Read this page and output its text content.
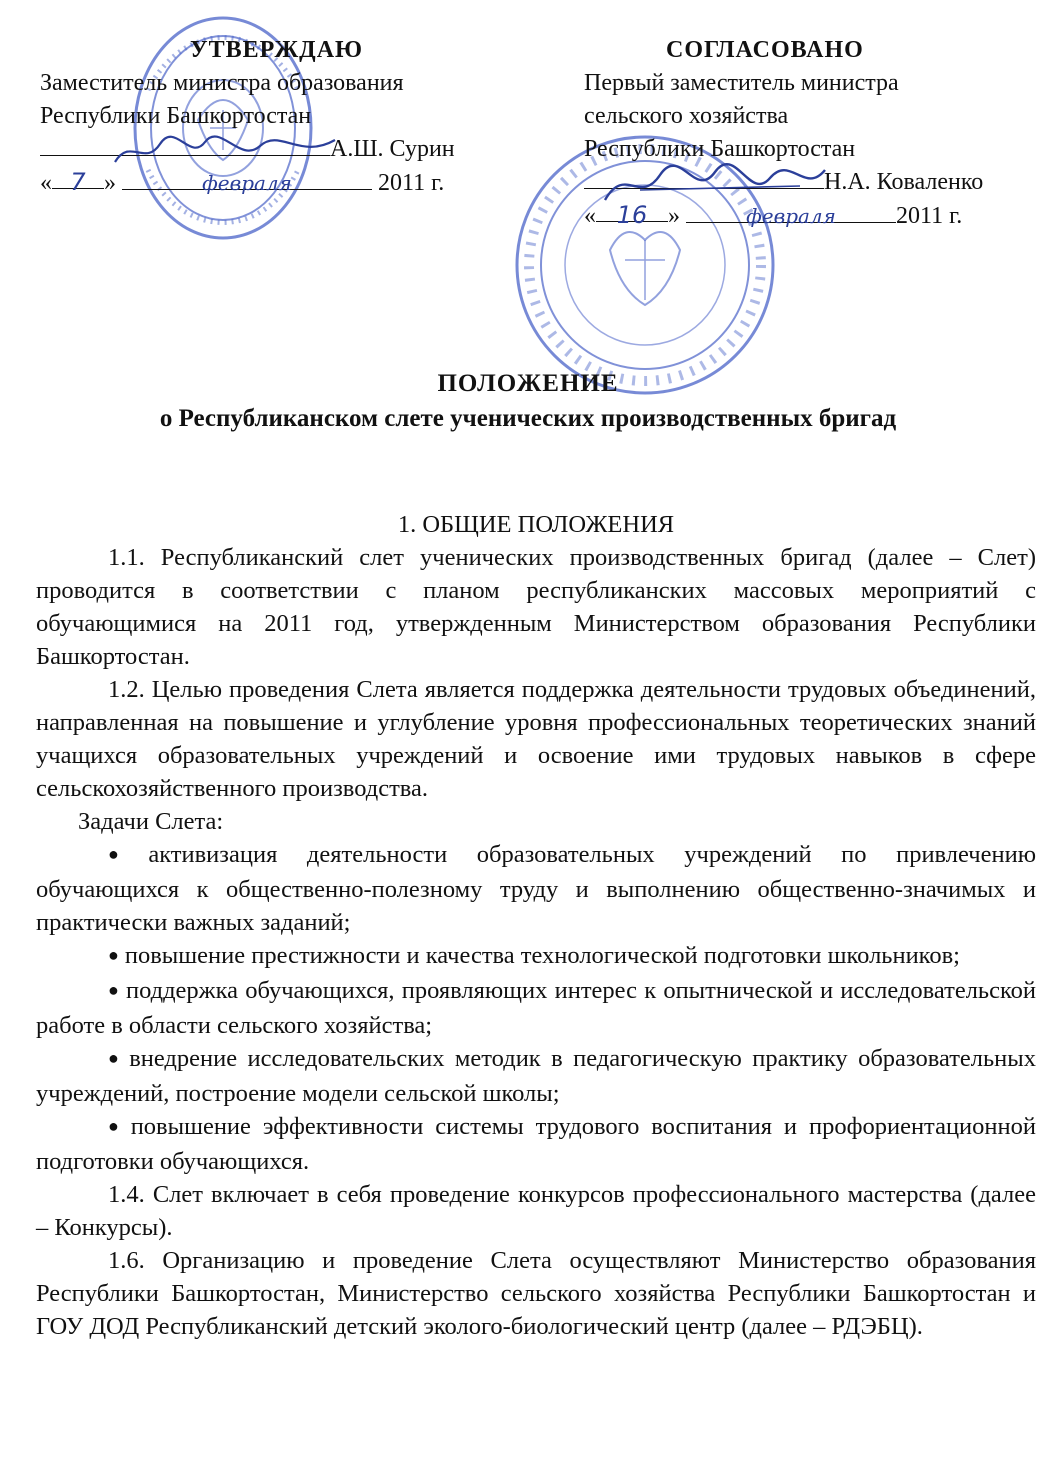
УТВЕРЖДАЮ
Заместитель министра образования
Республики Башкортостан
А.Ш. Сурин
« 7 »	февраля	2011 г.
СОГЛАСОВАНО
Первый заместитель министра
сельского хозяйства
Республики Башкортостан
Н.А. Коваленко
« 16 »	февраля	2011 г.
ПОЛОЖЕНИЕ
о Республиканском слете ученических производственных бригад
1. ОБЩИЕ ПОЛОЖЕНИЯ

1.1. Республиканский слет ученических производственных бригад (далее – Слет) проводится в соответствии с планом республиканских массовых мероприятий с обучающимися на 2011 год, утвержденным Министерством образования Республики Башкортостан.

1.2. Целью проведения Слета является поддержка деятельности трудовых объединений, направленная на повышение и углубление уровня профессиональных теоретических знаний учащихся образовательных учреждений и освоение ими трудовых навыков в сфере сельскохозяйственного производства.

Задачи Слета:

● активизация деятельности образовательных учреждений по привлечению обучающихся к общественно-полезному труду и выполнению общественно-значимых и практически важных заданий;

● повышение престижности и качества технологической подготовки школьников;

● поддержка обучающихся, проявляющих интерес к опытнической и исследовательской работе в области сельского хозяйства;

● внедрение исследовательских методик в педагогическую практику образовательных учреждений, построение модели сельской школы;

● повышение эффективности системы трудового воспитания и профориентационной подготовки обучающихся.

1.4. Слет включает в себя проведение конкурсов профессионального мастерства (далее – Конкурсы).

1.6. Организацию и проведение Слета осуществляют Министерство образования Республики Башкортостан, Министерство сельского хозяйства Республики Башкортостан и ГОУ ДОД Республиканский детский эколого-биологический центр (далее – РДЭБЦ).
